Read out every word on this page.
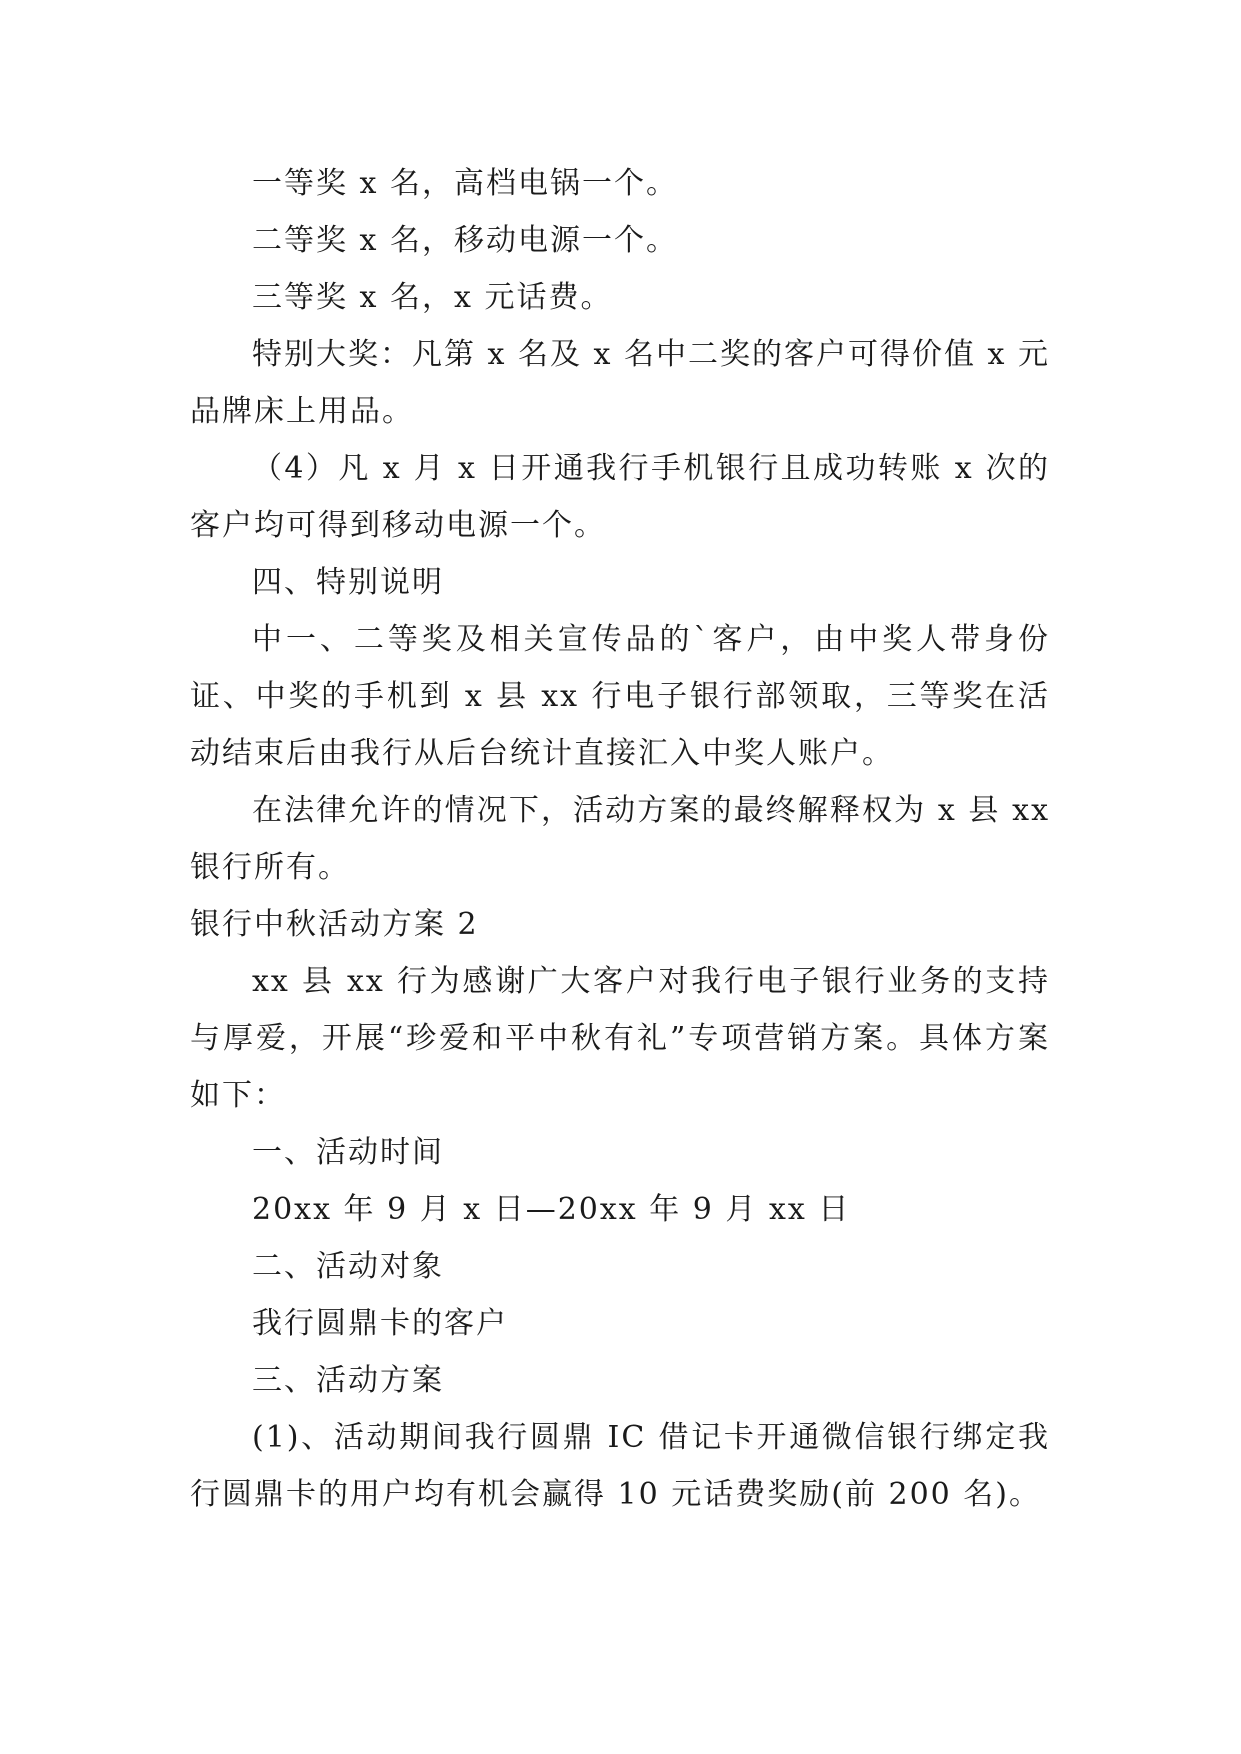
一等奖 x 名，高档电锅一个。

二等奖 x 名，移动电源一个。

三等奖 x 名，x 元话费。

特别大奖：凡第 x 名及 x 名中二奖的客户可得价值 x 元品牌床上用品。

（4）凡 x 月 x 日开通我行手机银行且成功转账 x 次的客户均可得到移动电源一个。

四、特别说明

中一、二等奖及相关宣传品的`客户，由中奖人带身份证、中奖的手机到 x 县 xx 行电子银行部领取，三等奖在活动结束后由我行从后台统计直接汇入中奖人账户。

在法律允许的情况下，活动方案的最终解释权为 x 县 xx 银行所有。

银行中秋活动方案 2

xx 县 xx 行为感谢广大客户对我行电子银行业务的支持与厚爱，开展“珍爱和平中秋有礼”专项营销方案。具体方案如下：

一、活动时间

20xx 年 9 月 x 日—20xx 年 9 月 xx 日

二、活动对象

我行圆鼎卡的客户

三、活动方案

(1)、活动期间我行圆鼎 IC 借记卡开通微信银行绑定我行圆鼎卡的用户均有机会赢得 10 元话费奖励(前 200 名)。
